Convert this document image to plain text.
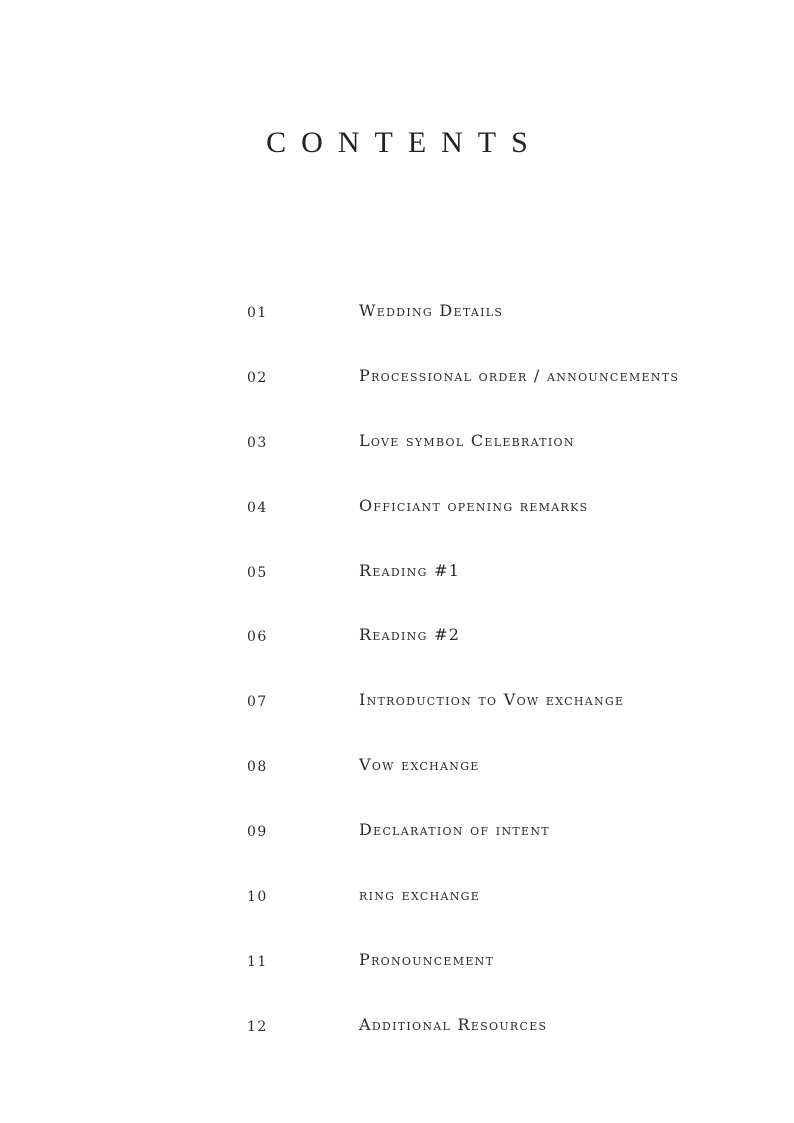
CONTENTS
01	Wedding Details
02	Processional order / announcements
03	Love symbol Celebration
04	Officiant opening remarks
05	Reading #1
06	Reading #2
07	Introduction to Vow exchange
08	Vow exchange
09	Declaration of intent
10	ring exchange
11	Pronouncement
12	Additional Resources
